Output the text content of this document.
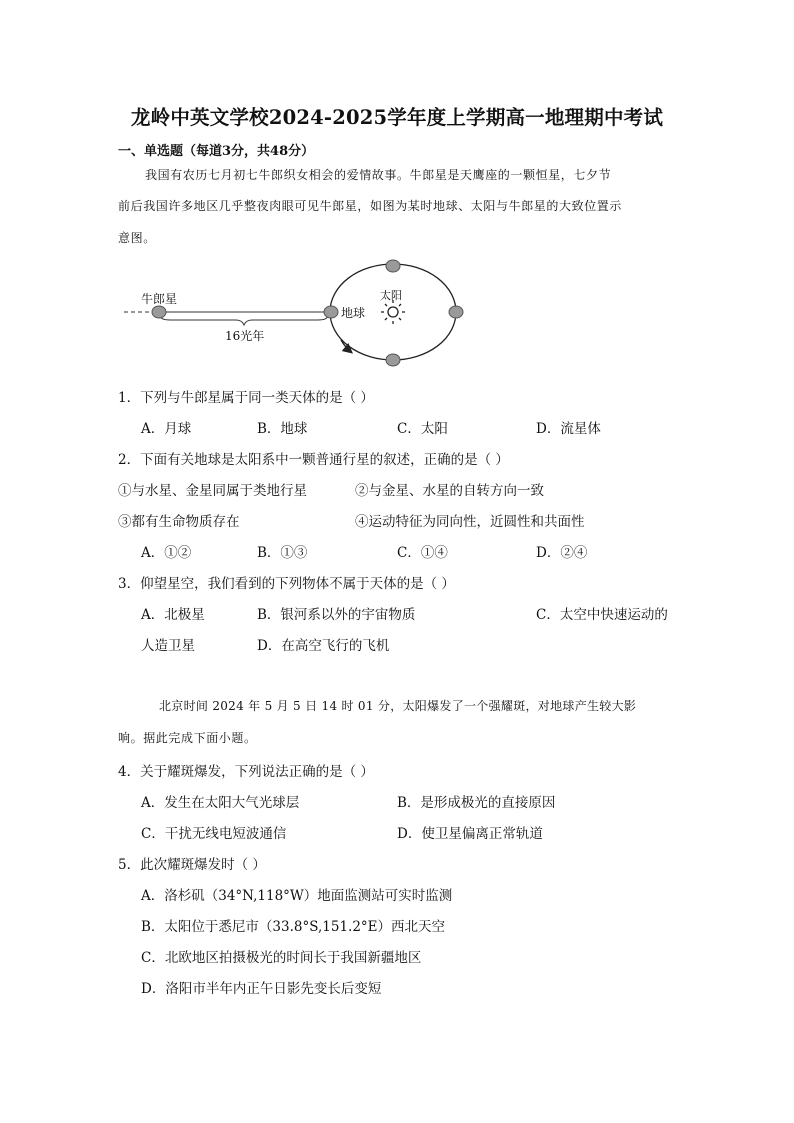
龙岭中英文学校2024-2025学年度上学期高一地理期中考试
一、单选题（每道3分，共48分）
我国有农历七月初七牛郎织女相会的爱情故事。牛郎星是天鹰座的一颗恒星，七夕节
前后我国许多地区几乎整夜肉眼可见牛郎星，如图为某时地球、太阳与牛郎星的大致位置示
意图。
牛郎星
地球
太阳
16光年
1．下列与牛郎星属于同一类天体的是（ ）
A．月球	B．地球	C．太阳	D．流星体
2．下面有关地球是太阳系中一颗普通行星的叙述，正确的是（ ）
①与水星、金星同属于类地行星	②与金星、水星的自转方向一致
③都有生命物质存在	④运动特征为同向性，近圆性和共面性
A．①②	B．①③	C．①④	D．②④
3．仰望星空，我们看到的下列物体不属于天体的是（ ）
A．北极星	B．银河系以外的宇宙物质	C．太空中快速运动的
人造卫星	D．在高空飞行的飞机
北京时间 2024 年 5 月 5 日 14 时 01 分，太阳爆发了一个强耀斑，对地球产生较大影
响。据此完成下面小题。
4．关于耀斑爆发，下列说法正确的是（ ）
A．发生在太阳大气光球层	B．是形成极光的直接原因
C．干扰无线电短波通信	D．使卫星偏离正常轨道
5．此次耀斑爆发时（ ）
A．洛杉矶（34°N,118°W）地面监测站可实时监测
B．太阳位于悉尼市（33.8°S,151.2°E）西北天空
C．北欧地区拍摄极光的时间长于我国新疆地区
D．洛阳市半年内正午日影先变长后变短
